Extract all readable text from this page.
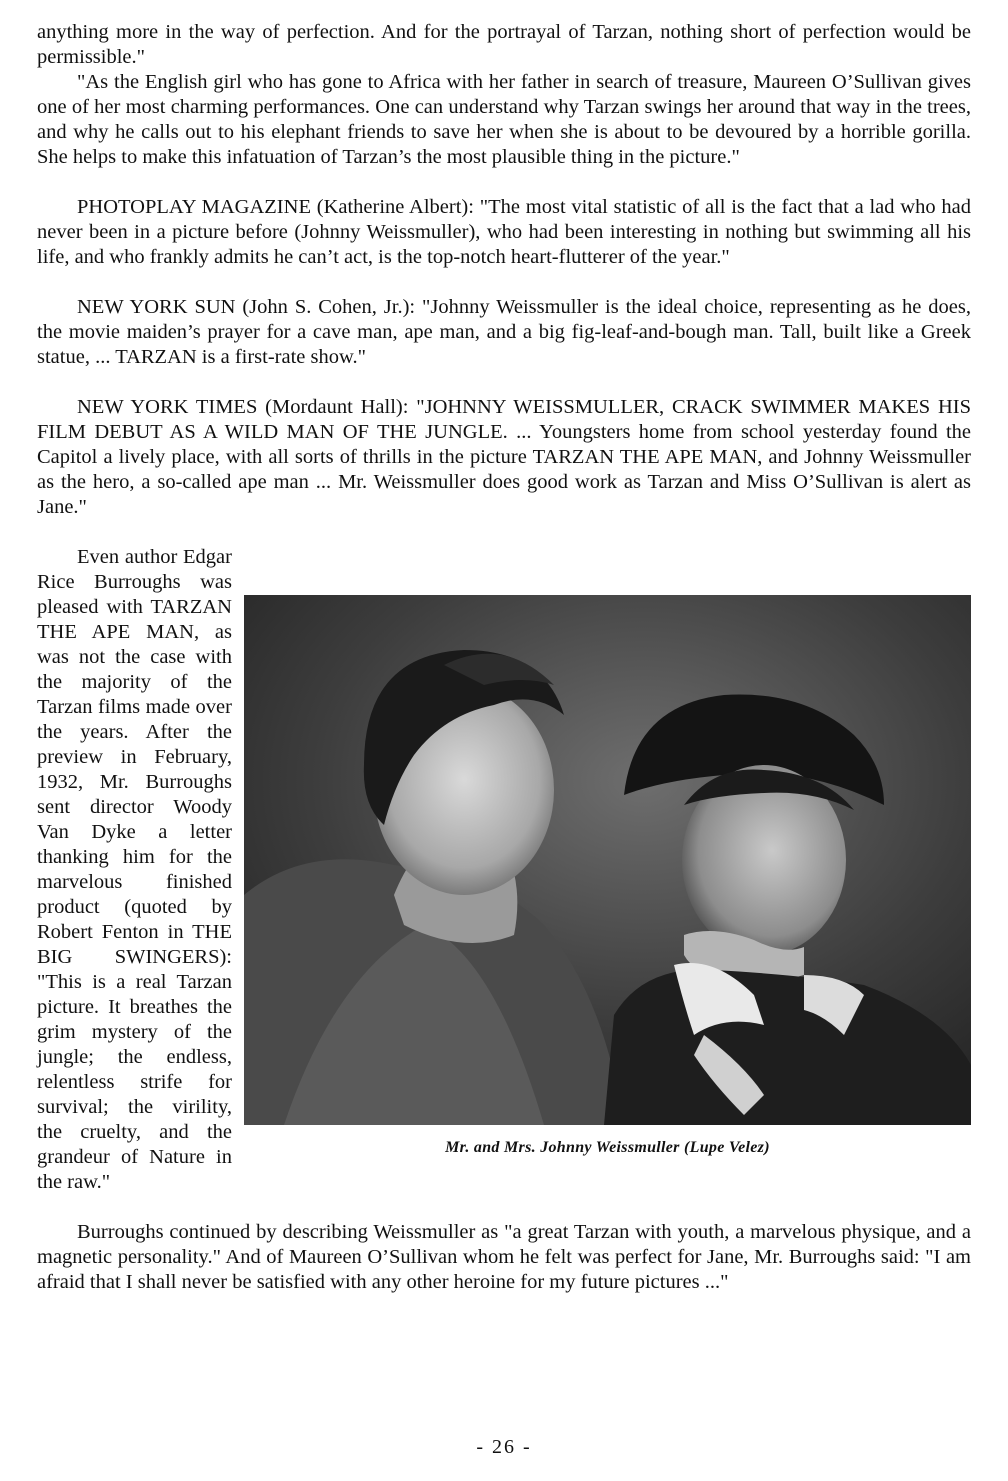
anything more in the way of perfection. And for the portrayal of Tarzan, nothing short of perfection would be permissible."

"As the English girl who has gone to Africa with her father in search of treasure, Maureen O’Sullivan gives one of her most charming performances. One can understand why Tarzan swings her around that way in the trees, and why he calls out to his elephant friends to save her when she is about to be devoured by a horrible gorilla. She helps to make this infatuation of Tarzan’s the most plausible thing in the picture."

PHOTOPLAY MAGAZINE (Katherine Albert): "The most vital statistic of all is the fact that a lad who had never been in a picture before (Johnny Weissmuller), who had been interesting in nothing but swimming all his life, and who frankly admits he can’t act, is the top-notch heart-flutterer of the year."

NEW YORK SUN (John S. Cohen, Jr.): "Johnny Weissmuller is the ideal choice, representing as he does, the movie maiden’s prayer for a cave man, ape man, and a big fig-leaf-and-bough man. Tall, built like a Greek statue, ... TARZAN is a first-rate show."

NEW YORK TIMES (Mordaunt Hall): "JOHNNY WEISSMULLER, CRACK SWIMMER MAKES HIS FILM DEBUT AS A WILD MAN OF THE JUNGLE. ... Youngsters home from school yesterday found the Capitol a lively place, with all sorts of thrills in the picture TARZAN THE APE MAN, and Johnny Weissmuller as the hero, a so-called ape man ... Mr. Weissmuller does good work as Tarzan and Miss O’Sullivan is alert as Jane."

Mr. and Mrs. Johnny Weissmuller (Lupe Velez)

Even author Edgar Rice Burroughs was pleased with TARZAN THE APE MAN, as was not the case with the majority of the Tarzan films made over the years. After the preview in February, 1932, Mr. Burroughs sent director Woody Van Dyke a letter thanking him for the marvelous finished product (quoted by Robert Fenton in THE BIG SWINGERS): "This is a real Tarzan picture. It breathes the grim mystery of the jungle; the endless, relentless strife for survival; the virility, the cruelty, and the grandeur of Nature in the raw."

Burroughs continued by describing Weissmuller as "a great Tarzan with youth, a marvelous physique, and a magnetic personality." And of Maureen O’Sullivan whom he felt was perfect for Jane, Mr. Burroughs said: "I am afraid that I shall never be satisfied with any other heroine for my future pictures ..."

- 26 -
